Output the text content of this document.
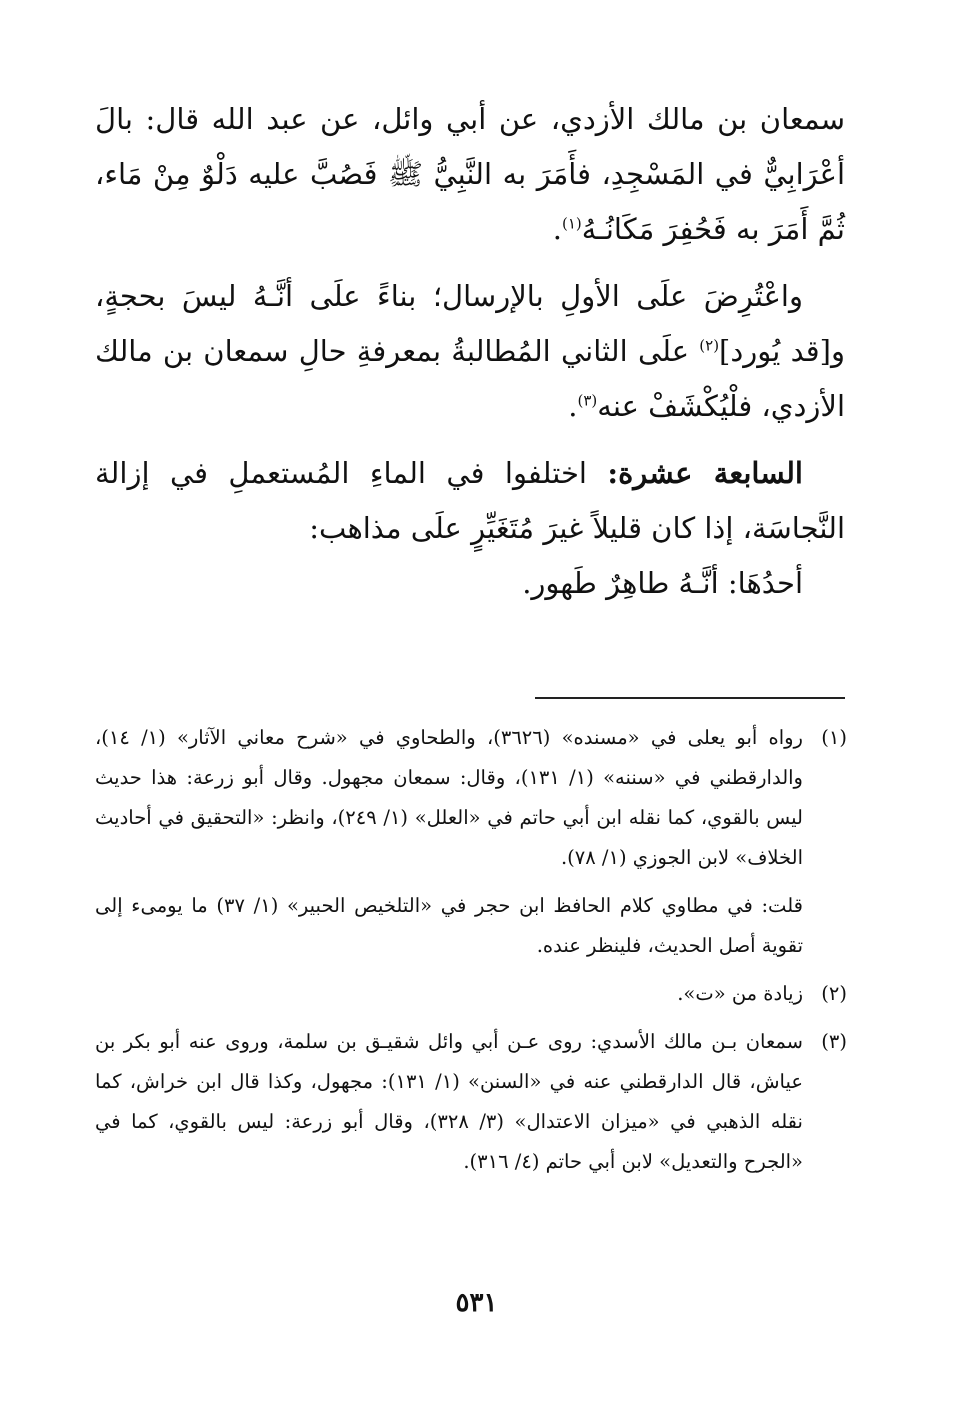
سمعان بن مالك الأزدي، عن أبي وائل، عن عبد الله قال: بالَ أعْرَابِيٌّ في المَسْجِدِ، فأَمَرَ به النَّبِيُّ ﷺ فَصُبَّ عليه دَلْوٌ مِنْ مَاء، ثُمَّ أَمَرَ به فَحُفِرَ مَكَانُـهُ$^{(١)}$.

واعْتُرِضَ علَى الأولِ بالإرسال؛ بناءً علَى أنَّـهُ ليسَ بحجةٍ، و[قد يُورد]$^{(٢)}$ علَى الثاني المُطالبةُ بمعرفةِ حالِ سمعان بن مالك الأزدي، فلْيُكْشَفْ عنه$^{(٣)}$.

السابعة عشرة: اختلفوا في الماءِ المُستعملِ في إزالة النَّجاسَة، إذا كان قليلاً غيرَ مُتَغَيِّرٍ علَى مذاهب:

أحدُهَا: أنَّـهُ طاهِرٌ طَهور.

(١)
رواه أبو يعلى في «مسنده» (٣٦٢٦)، والطحاوي في «شرح معاني الآثار» (١/ ١٤)، والدارقطني في «سننه» (١/ ١٣١)، وقال: سمعان مجهول. وقال أبو زرعة: هذا حديث ليس بالقوي، كما نقله ابن أبي حاتم في «العلل» (١/ ٢٤٩)، وانظر: «التحقيق في أحاديث الخلاف» لابن الجوزي (١/ ٧٨).
قلت: في مطاوي كلام الحافظ ابن حجر في «التلخيص الحبير» (١/ ٣٧) ما يومىء إلى تقوية أصل الحديث، فلينظر عنده.
(٢)
زيادة من «ت».
(٣)
سمعان بـن مالك الأسدي: روى عـن أبي وائل شقيـق بن سلمة، وروى عنه أبو بكر بن عياش، قال الدارقطني عنه في «السنن» (١/ ١٣١): مجهول، وكذا قال ابن خراش، كما نقله الذهبي في «ميزان الاعتدال» (٣/ ٣٢٨)، وقال أبو زرعة: ليس بالقوي، كما في «الجرح والتعديل» لابن أبي حاتم (٤/ ٣١٦).
٥٣١
